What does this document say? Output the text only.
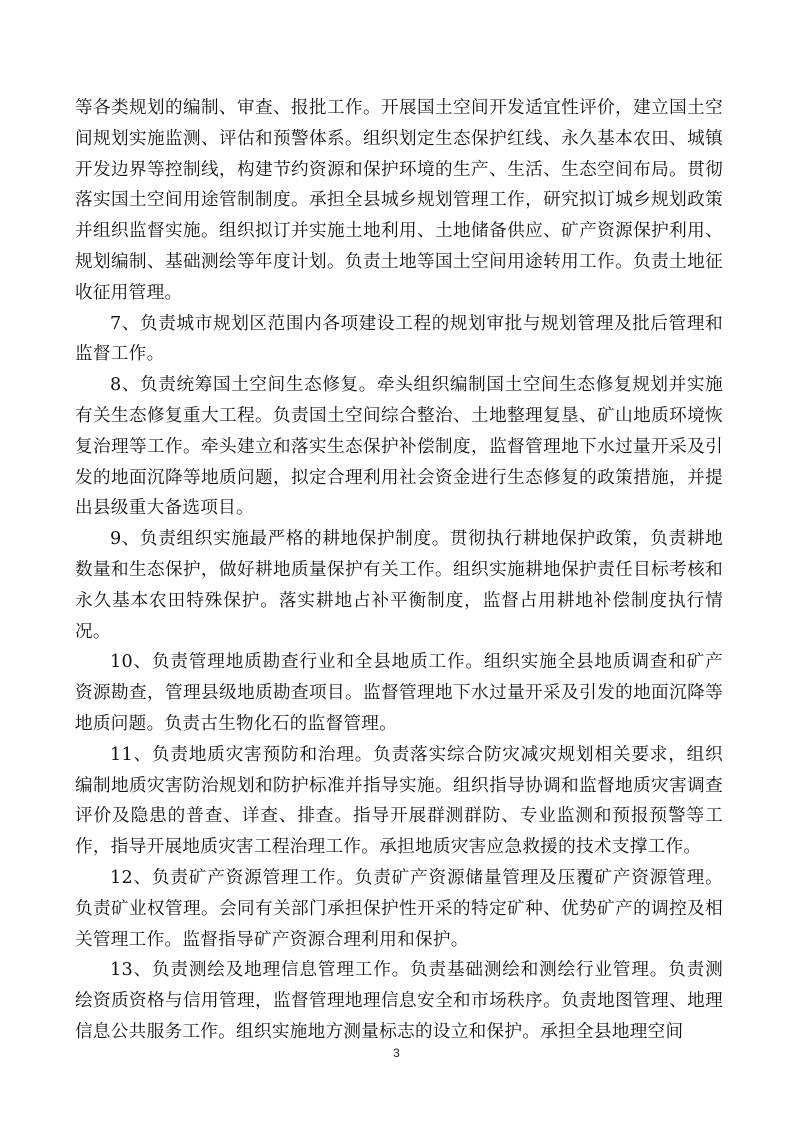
等各类规划的编制、审查、报批工作。开展国土空间开发适宜性评价，建立国土空间规划实施监测、评估和预警体系。组织划定生态保护红线、永久基本农田、城镇开发边界等控制线，构建节约资源和保护环境的生产、生活、生态空间布局。贯彻落实国土空间用途管制制度。承担全县城乡规划管理工作，研究拟订城乡规划政策并组织监督实施。组织拟订并实施土地利用、土地储备供应、矿产资源保护利用、规划编制、基础测绘等年度计划。负责土地等国土空间用途转用工作。负责土地征收征用管理。

7、负责城市规划区范围内各项建设工程的规划审批与规划管理及批后管理和监督工作。

8、负责统筹国土空间生态修复。牵头组织编制国土空间生态修复规划并实施有关生态修复重大工程。负责国土空间综合整治、土地整理复垦、矿山地质环境恢复治理等工作。牵头建立和落实生态保护补偿制度，监督管理地下水过量开采及引发的地面沉降等地质问题，拟定合理利用社会资金进行生态修复的政策措施，并提出县级重大备选项目。

9、负责组织实施最严格的耕地保护制度。贯彻执行耕地保护政策，负责耕地数量和生态保护，做好耕地质量保护有关工作。组织实施耕地保护责任目标考核和永久基本农田特殊保护。落实耕地占补平衡制度，监督占用耕地补偿制度执行情况。

10、负责管理地质勘查行业和全县地质工作。组织实施全县地质调查和矿产资源勘查，管理县级地质勘查项目。监督管理地下水过量开采及引发的地面沉降等地质问题。负责古生物化石的监督管理。

11、负责地质灾害预防和治理。负责落实综合防灾减灾规划相关要求，组织编制地质灾害防治规划和防护标准并指导实施。组织指导协调和监督地质灾害调查评价及隐患的普查、详查、排查。指导开展群测群防、专业监测和预报预警等工作，指导开展地质灾害工程治理工作。承担地质灾害应急救援的技术支撑工作。

12、负责矿产资源管理工作。负责矿产资源储量管理及压覆矿产资源管理。负责矿业权管理。会同有关部门承担保护性开采的特定矿种、优势矿产的调控及相关管理工作。监督指导矿产资源合理利用和保护。

13、负责测绘及地理信息管理工作。负责基础测绘和测绘行业管理。负责测绘资质资格与信用管理，监督管理地理信息安全和市场秩序。负责地图管理、地理信息公共服务工作。组织实施地方测量标志的设立和保护。承担全县地理空间

3
